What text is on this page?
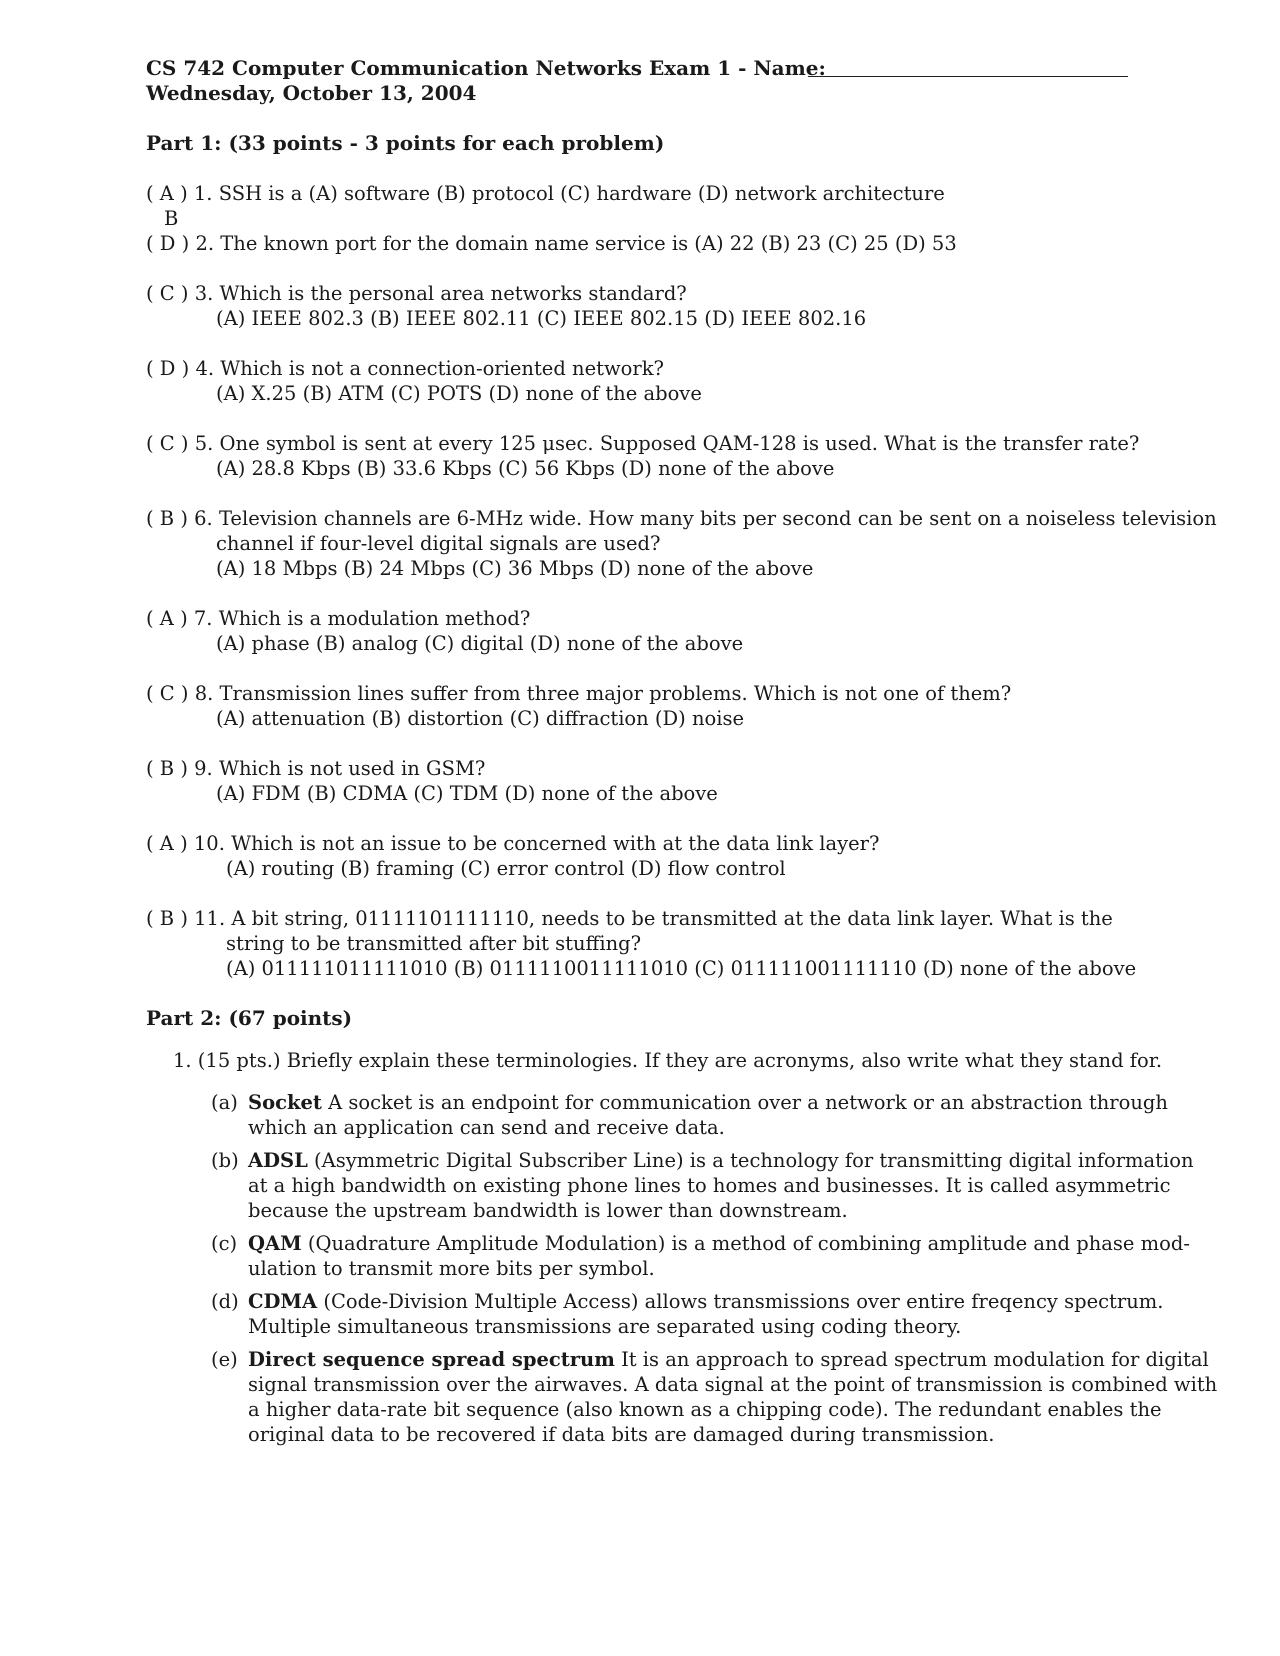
CS 742 Computer Communication Networks Exam 1 - Name:
Wednesday, October 13, 2004
Part 1: (33 points - 3 points for each problem)
( A ) 1. SSH is a (A) software (B) protocol (C) hardware (D) network architecture
B
( D ) 2. The known port for the domain name service is (A) 22 (B) 23 (C) 25 (D) 53
( C ) 3. Which is the personal area networks standard?
(A) IEEE 802.3 (B) IEEE 802.11 (C) IEEE 802.15 (D) IEEE 802.16
( D ) 4. Which is not a connection-oriented network?
(A) X.25 (B) ATM (C) POTS (D) none of the above
( C ) 5. One symbol is sent at every 125 μsec. Supposed QAM-128 is used. What is the transfer rate?
(A) 28.8 Kbps (B) 33.6 Kbps (C) 56 Kbps (D) none of the above
( B ) 6. Television channels are 6-MHz wide. How many bits per second can be sent on a noiseless television
channel if four-level digital signals are used?
(A) 18 Mbps (B) 24 Mbps (C) 36 Mbps (D) none of the above
( A ) 7. Which is a modulation method?
(A) phase (B) analog (C) digital (D) none of the above
( C ) 8. Transmission lines suffer from three major problems. Which is not one of them?
(A) attenuation (B) distortion (C) diffraction (D) noise
( B ) 9. Which is not used in GSM?
(A) FDM (B) CDMA (C) TDM (D) none of the above
( A ) 10. Which is not an issue to be concerned with at the data link layer?
(A) routing (B) framing (C) error control (D) flow control
( B ) 11. A bit string, 01111101111110, needs to be transmitted at the data link layer. What is the
string to be transmitted after bit stuffing?
(A) 011111011111010 (B) 0111110011111010 (C) 011111001111110 (D) none of the above
Part 2: (67 points)
1. (15 pts.) Briefly explain these terminologies. If they are acronyms, also write what they stand for.
(a) Socket A socket is an endpoint for communication over a network or an abstraction through
which an application can send and receive data.
(b) ADSL (Asymmetric Digital Subscriber Line) is a technology for transmitting digital information
at a high bandwidth on existing phone lines to homes and businesses. It is called asymmetric
because the upstream bandwidth is lower than downstream.
(c) QAM (Quadrature Amplitude Modulation) is a method of combining amplitude and phase mod-
ulation to transmit more bits per symbol.
(d) CDMA (Code-Division Multiple Access) allows transmissions over entire freqency spectrum.
Multiple simultaneous transmissions are separated using coding theory.
(e) Direct sequence spread spectrum It is an approach to spread spectrum modulation for digital
signal transmission over the airwaves. A data signal at the point of transmission is combined with
a higher data-rate bit sequence (also known as a chipping code). The redundant enables the
original data to be recovered if data bits are damaged during transmission.
